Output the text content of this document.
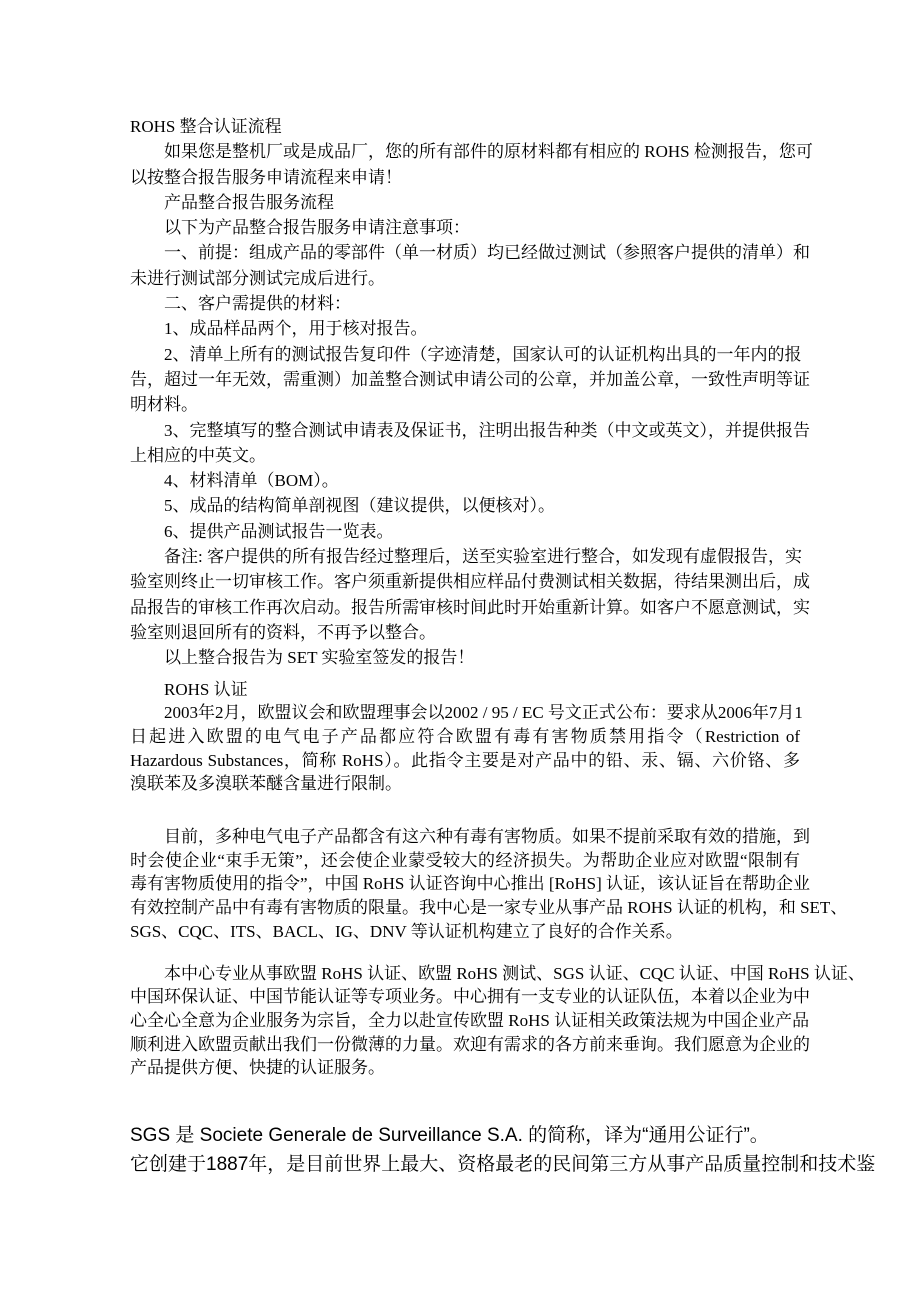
ROHS 整合认证流程
如果您是整机厂或是成品厂，您的所有部件的原材料都有相应的 ROHS 检测报告，您可
以按整合报告服务申请流程来申请！
产品整合报告服务流程
以下为产品整合报告服务申请注意事项：
一、前提：组成产品的零部件（单一材质）均已经做过测试（参照客户提供的清单）和
未进行测试部分测试完成后进行。
二、客户需提供的材料：
1、成品样品两个，用于核对报告。
2、清单上所有的测试报告复印件（字迹清楚，国家认可的认证机构出具的一年内的报
告，超过一年无效，需重测）加盖整合测试申请公司的公章，并加盖公章，一致性声明等证
明材料。
3、完整填写的整合测试申请表及保证书，注明出报告种类（中文或英文），并提供报告
上相应的中英文。
4、材料清单（BOM）。
5、成品的结构简单剖视图（建议提供，以便核对）。
6、提供产品测试报告一览表。
备注: 客户提供的所有报告经过整理后，送至实验室进行整合，如发现有虚假报告，实
验室则终止一切审核工作。客户须重新提供相应样品付费测试相关数据，待结果测出后，成
品报告的审核工作再次启动。报告所需审核时间此时开始重新计算。如客户不愿意测试，实
验室则退回所有的资料，不再予以整合。
以上整合报告为 SET 实验室签发的报告！
ROHS 认证
2003年2月，欧盟议会和欧盟理事会以2002 / 95 / EC 号文正式公布：要求从2006年7月1
日起进入欧盟的电气电子产品都应符合欧盟有毒有害物质禁用指令（Restriction of
Hazardous Substances，简称 RoHS）。此指令主要是对产品中的铅、汞、镉、六价铬、多
溴联苯及多溴联苯醚含量进行限制。
目前，多种电气电子产品都含有这六种有毒有害物质。如果不提前采取有效的措施，到
时会使企业“束手无策”，还会使企业蒙受较大的经济损失。为帮助企业应对欧盟“限制有
毒有害物质使用的指令”，中国 RoHS 认证咨询中心推出 [RoHS] 认证，该认证旨在帮助企业
有效控制产品中有毒有害物质的限量。我中心是一家专业从事产品 ROHS 认证的机构，和 SET、
SGS、CQC、ITS、BACL、IG、DNV 等认证机构建立了良好的合作关系。
本中心专业从事欧盟 RoHS 认证、欧盟 RoHS 测试、SGS 认证、CQC 认证、中国 RoHS 认证、
中国环保认证、中国节能认证等专项业务。中心拥有一支专业的认证队伍，本着以企业为中
心全心全意为企业服务为宗旨，全力以赴宣传欧盟 RoHS 认证相关政策法规为中国企业产品
顺利进入欧盟贡献出我们一份微薄的力量。欢迎有需求的各方前来垂询。我们愿意为企业的
产品提供方便、快捷的认证服务。
SGS 是 Societe Generale de Surveillance S.A. 的简称，译为“通用公证行”。
它创建于1887年，是目前世界上最大、资格最老的民间第三方从事产品质量控制和技术鉴
